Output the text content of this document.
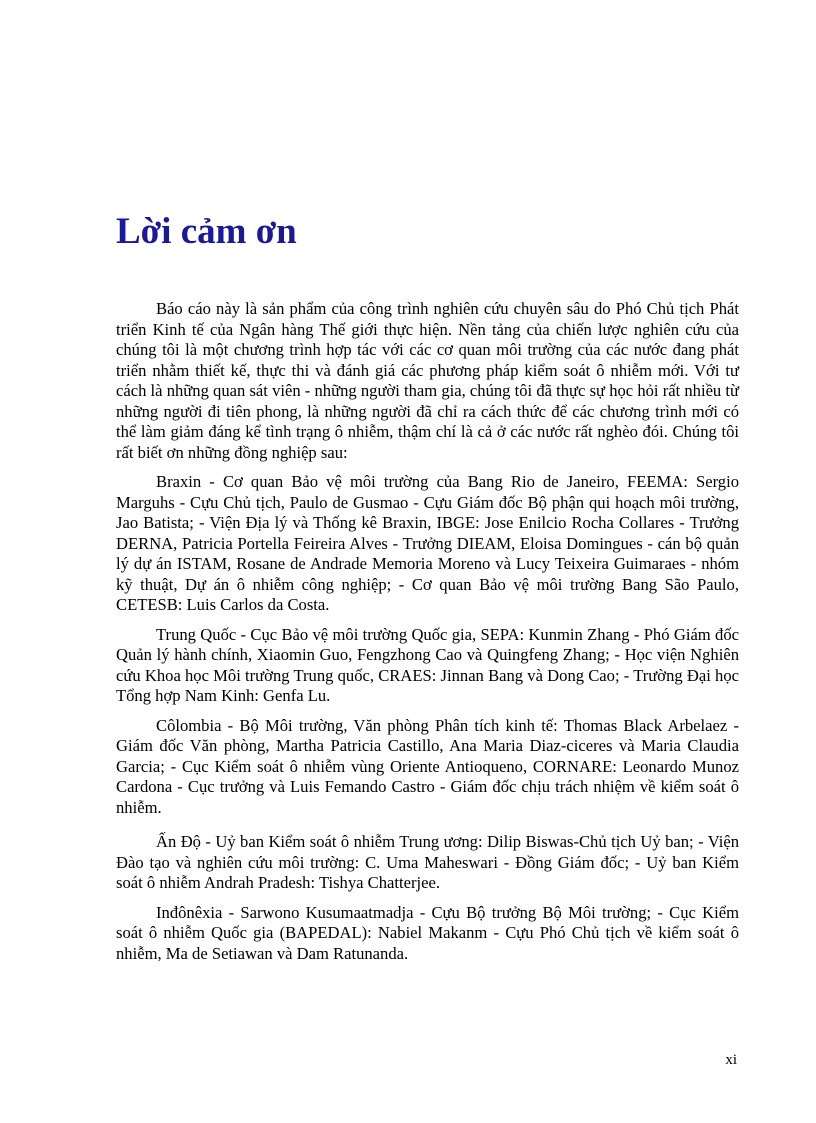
Lời cảm ơn

Báo cáo này là sản phẩm của công trình nghiên cứu chuyên sâu do Phó Chủ tịch Phát triển Kinh tế của Ngân hàng Thế giới thực hiện. Nền tảng của chiến lược nghiên cứu của chúng tôi là một chương trình hợp tác với các cơ quan môi trường của các nước đang phát triển nhằm thiết kế, thực thi và đánh giá các phương pháp kiểm soát ô nhiễm mới. Với tư cách là những quan sát viên - những người tham gia, chúng tôi đã thực sự học hỏi rất nhiều từ những người đi tiên phong, là những người đã chỉ ra cách thức để các chương trình mới có thể làm giảm đáng kể tình trạng ô nhiễm, thậm chí là cả ở các nước rất nghèo đói. Chúng tôi rất biết ơn những đồng nghiệp sau:

Braxin - Cơ quan Bảo vệ môi trường của Bang Rio de Janeiro, FEEMA: Sergio Marguhs - Cựu Chủ tịch, Paulo de Gusmao - Cựu Giám đốc Bộ phận qui hoạch môi trường, Jao Batista; - Viện Địa lý và Thống kê Braxin, IBGE: Jose Enilcio Rocha Collares - Trưởng DERNA, Patricia Portella Feireira Alves - Trưởng DIEAM, Eloisa Domingues - cán bộ quản lý dự án ISTAM, Rosane de Andrade Memoria Moreno và Lucy Teixeira Guimaraes - nhóm kỹ thuật, Dự án ô nhiễm công nghiệp; - Cơ quan Bảo vệ môi trường Bang São Paulo, CETESB: Luis Carlos da Costa.

Trung Quốc - Cục Bảo vệ môi trường Quốc gia, SEPA: Kunmin Zhang - Phó Giám đốc Quản lý hành chính, Xiaomin Guo, Fengzhong Cao và Quingfeng Zhang; - Học viện Nghiên cứu Khoa học Môi trường Trung quốc, CRAES: Jinnan Bang và Dong Cao; - Trường Đại học Tổng hợp Nam Kinh: Genfa Lu.

Côlombia - Bộ Môi trường, Văn phòng Phân tích kinh tế: Thomas Black Arbelaez - Giám đốc Văn phòng, Martha Patricia Castillo, Ana Maria Diaz-ciceres và Maria Claudia Garcia; - Cục Kiểm soát ô nhiễm vùng Oriente Antioqueno, CORNARE: Leonardo Munoz Cardona - Cục trưởng và Luis Femando Castro - Giám đốc chịu trách nhiệm về kiểm soát ô nhiễm.

Ấn Độ - Uỷ ban Kiểm soát ô nhiễm Trung ương: Dilip Biswas-Chủ tịch Uỷ ban; - Viện Đào tạo và nghiên cứu môi trường: C. Uma Maheswari - Đồng Giám đốc; - Uỷ ban Kiểm soát ô nhiễm Andrah Pradesh: Tishya Chatterjee.

Inđônêxia - Sarwono Kusumaatmadja - Cựu Bộ trưởng Bộ Môi trường; - Cục Kiểm soát ô nhiễm Quốc gia (BAPEDAL): Nabiel Makanm - Cựu Phó Chủ tịch về kiểm soát ô nhiễm, Ma de Setiawan và Dam Ratunanda.

xi
